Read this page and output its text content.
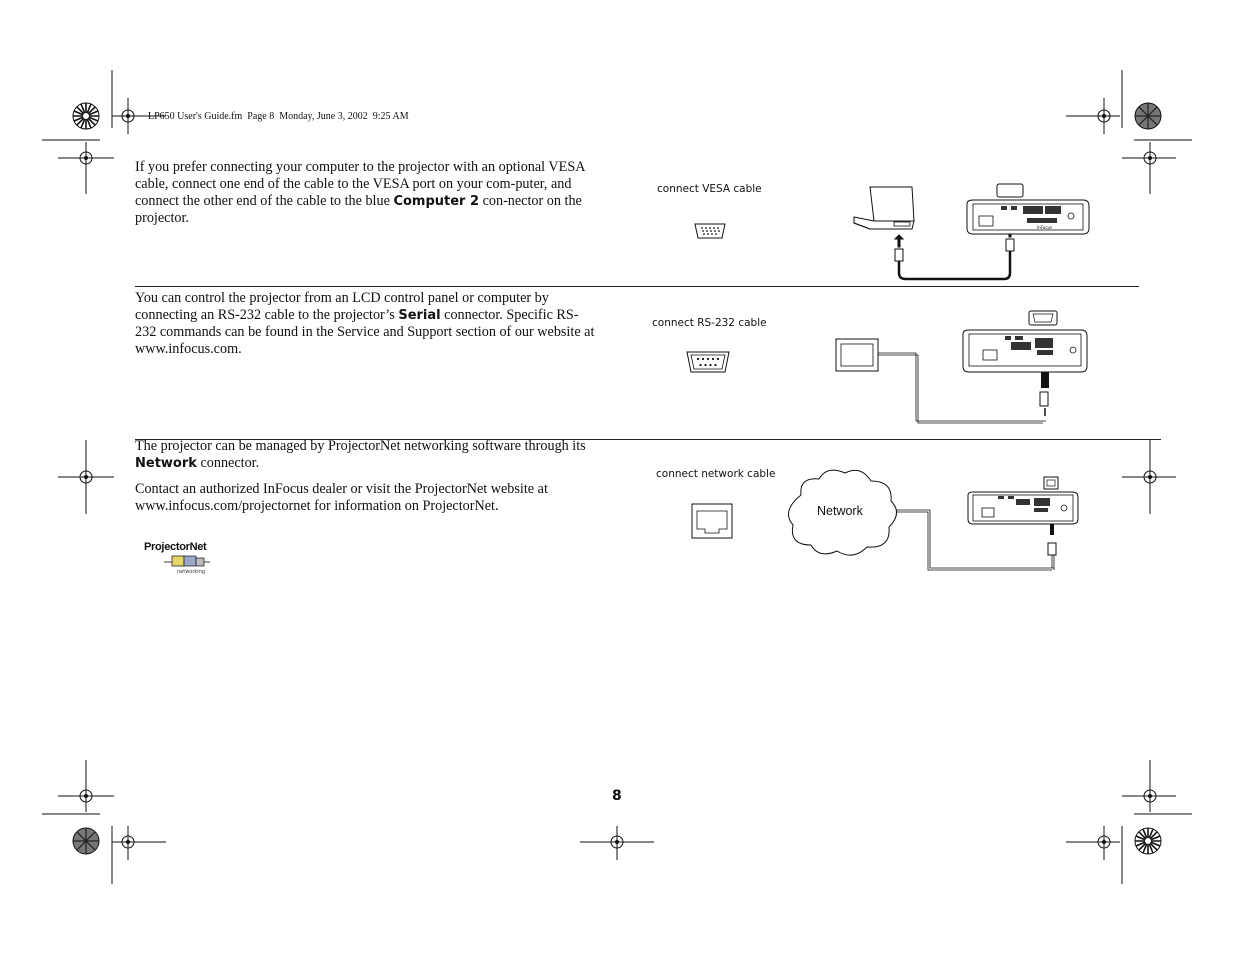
LP650 User's Guide.fm  Page 8  Monday, June 3, 2002  9:25 AM

If you prefer connecting your computer to the projector with an optional VESA cable, connect one end of the cable to the VESA port on your com-puter, and connect the other end of the cable to the blue Computer 2 con-nector on the projector.

connect VESA cable
InFocus

You can control the projector from an LCD control panel or computer by connecting an RS-232 cable to the projector’s Serial connector. Specific RS-232 commands can be found in the Service and Support section of our website at www.infocus.com.

connect RS-232 cable

The projector can be managed by ProjectorNet networking software through its Network connector.

Contact an authorized InFocus dealer or visit the ProjectorNet website at www.infocus.com/projectornet for information on ProjectorNet.

ProjectorNet
networking
connect network cable
Network
8
